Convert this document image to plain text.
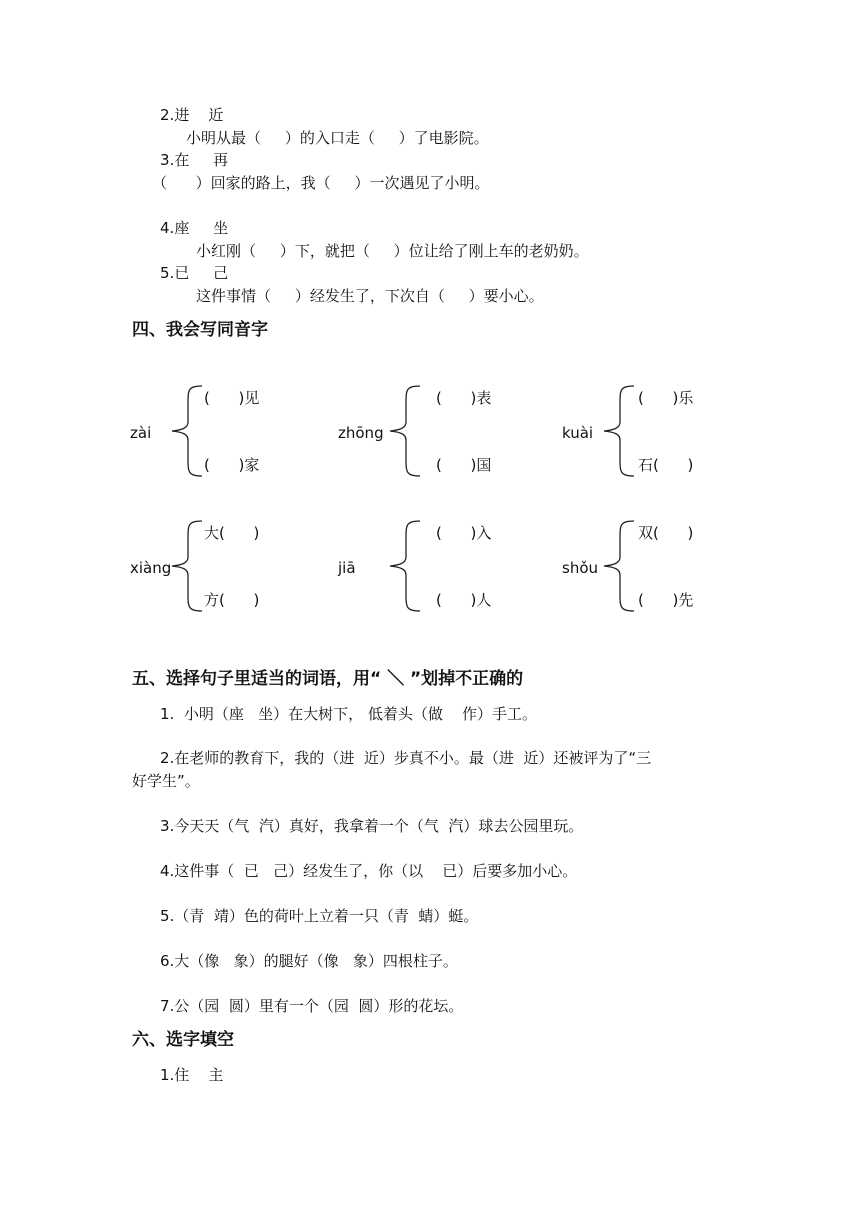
2.进    近
小明从最（     ）的入口走（     ）了电影院。
3.在     再
（      ）回家的路上，我（     ）一次遇见了小明。
4.座     坐
小红刚（     ）下，就把（     ）位让给了刚上车的老奶奶。
5.已     己
这件事情（     ）经发生了，下次自（     ）要小心。
四、我会写同音字
zài
(      )见
(      )家
zhōng
(      )表
(      )国
kuài
(      )乐
石(      )
xiàng
大(      )
方(      )
jiā
(      )入
(      )人
shǒu
双(      )
(      )先
五、选择句子里适当的词语，用“ ＼ ”划掉不正确的
1.  小明（座   坐）在大树下， 低着头（做    作）手工。
2.在老师的教育下，我的（进  近）步真不小。最（进  近）还被评为了“三
好学生”。
3.今天天（气  汽）真好，我拿着一个（气  汽）球去公园里玩。
4.这件事（  已   己）经发生了，你（以    已）后要多加小心。
5.（青  靖）色的荷叶上立着一只（青  蜻）蜓。
6.大（像   象）的腿好（像   象）四根柱子。
7.公（园  圆）里有一个（园  圆）形的花坛。
六、选字填空
1.住    主
